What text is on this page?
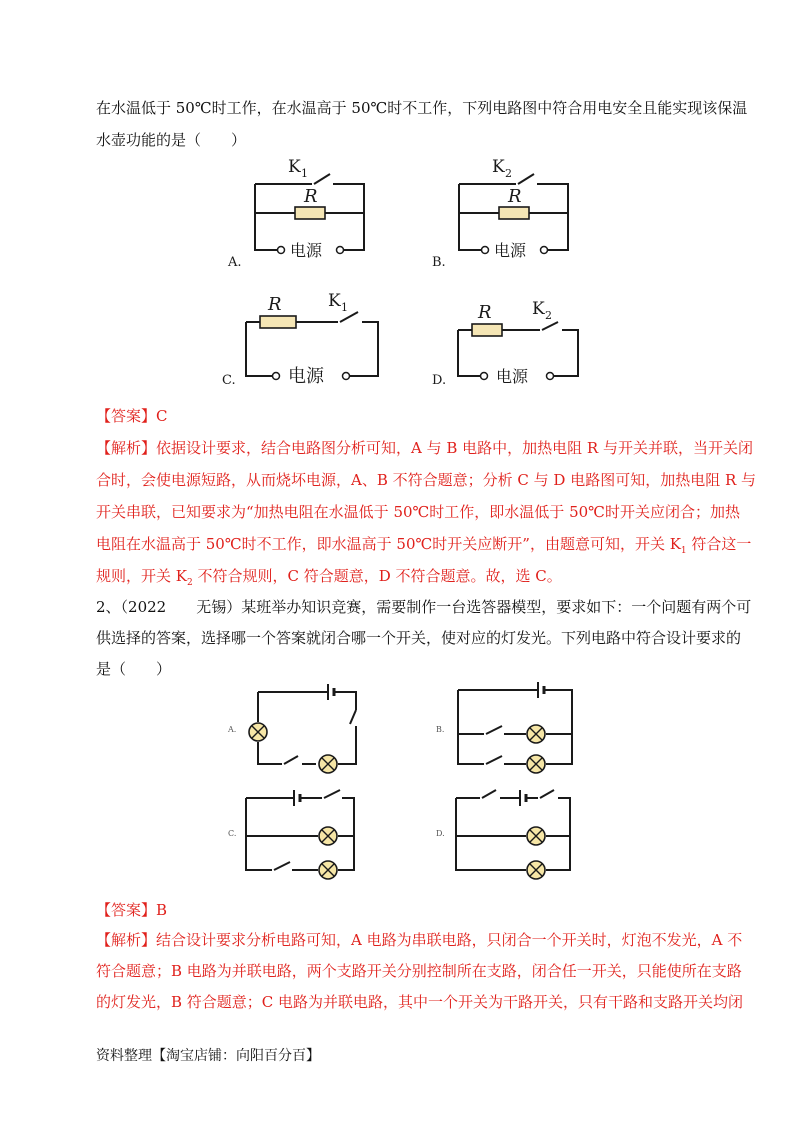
在水温低于 50℃时工作，在水温高于 50℃时不工作，下列电路图中符合用电安全且能实现该保温
水壶功能的是（　　）
A.
R
K 1
电源
B.
R
K 2
电源
C.
R	K 1
电源	D.
R K 2
电源
【答案】C
【解析】依据设计要求，结合电路图分析可知，A 与 B 电路中，加热电阻 R 与开关并联，当开关闭
合时，会使电源短路，从而烧坏电源，A、B 不符合题意；分析 C 与 D 电路图可知，加热电阻 R 与
开关串联，已知要求为“加热电阻在水温低于 50℃时工作，即水温低于 50℃时开关应闭合；加热
电阻在水温高于 50℃时不工作，即水温高于 50℃时开关应断开”，由题意可知，开关 $K_1$ 符合这一
规则，开关 $K_2$ 不符合规则，C 符合题意，D 不符合题意。故，选 C。
2、（2022　　无锡）某班举办知识竞赛，需要制作一台选答器模型，要求如下：一个问题有两个可
供选择的答案，选择哪一个答案就闭合哪一个开关，使对应的灯发光。下列电路中符合设计要求的
是（　　）
A.	B.
C.	D.
【答案】B
【解析】结合设计要求分析电路可知，A 电路为串联电路，只闭合一个开关时，灯泡不发光，A 不
符合题意；B 电路为并联电路，两个支路开关分别控制所在支路，闭合任一开关，只能使所在支路
的灯发光，B 符合题意；C 电路为并联电路，其中一个开关为干路开关，只有干路和支路开关均闭
资料整理【淘宝店铺：向阳百分百】
